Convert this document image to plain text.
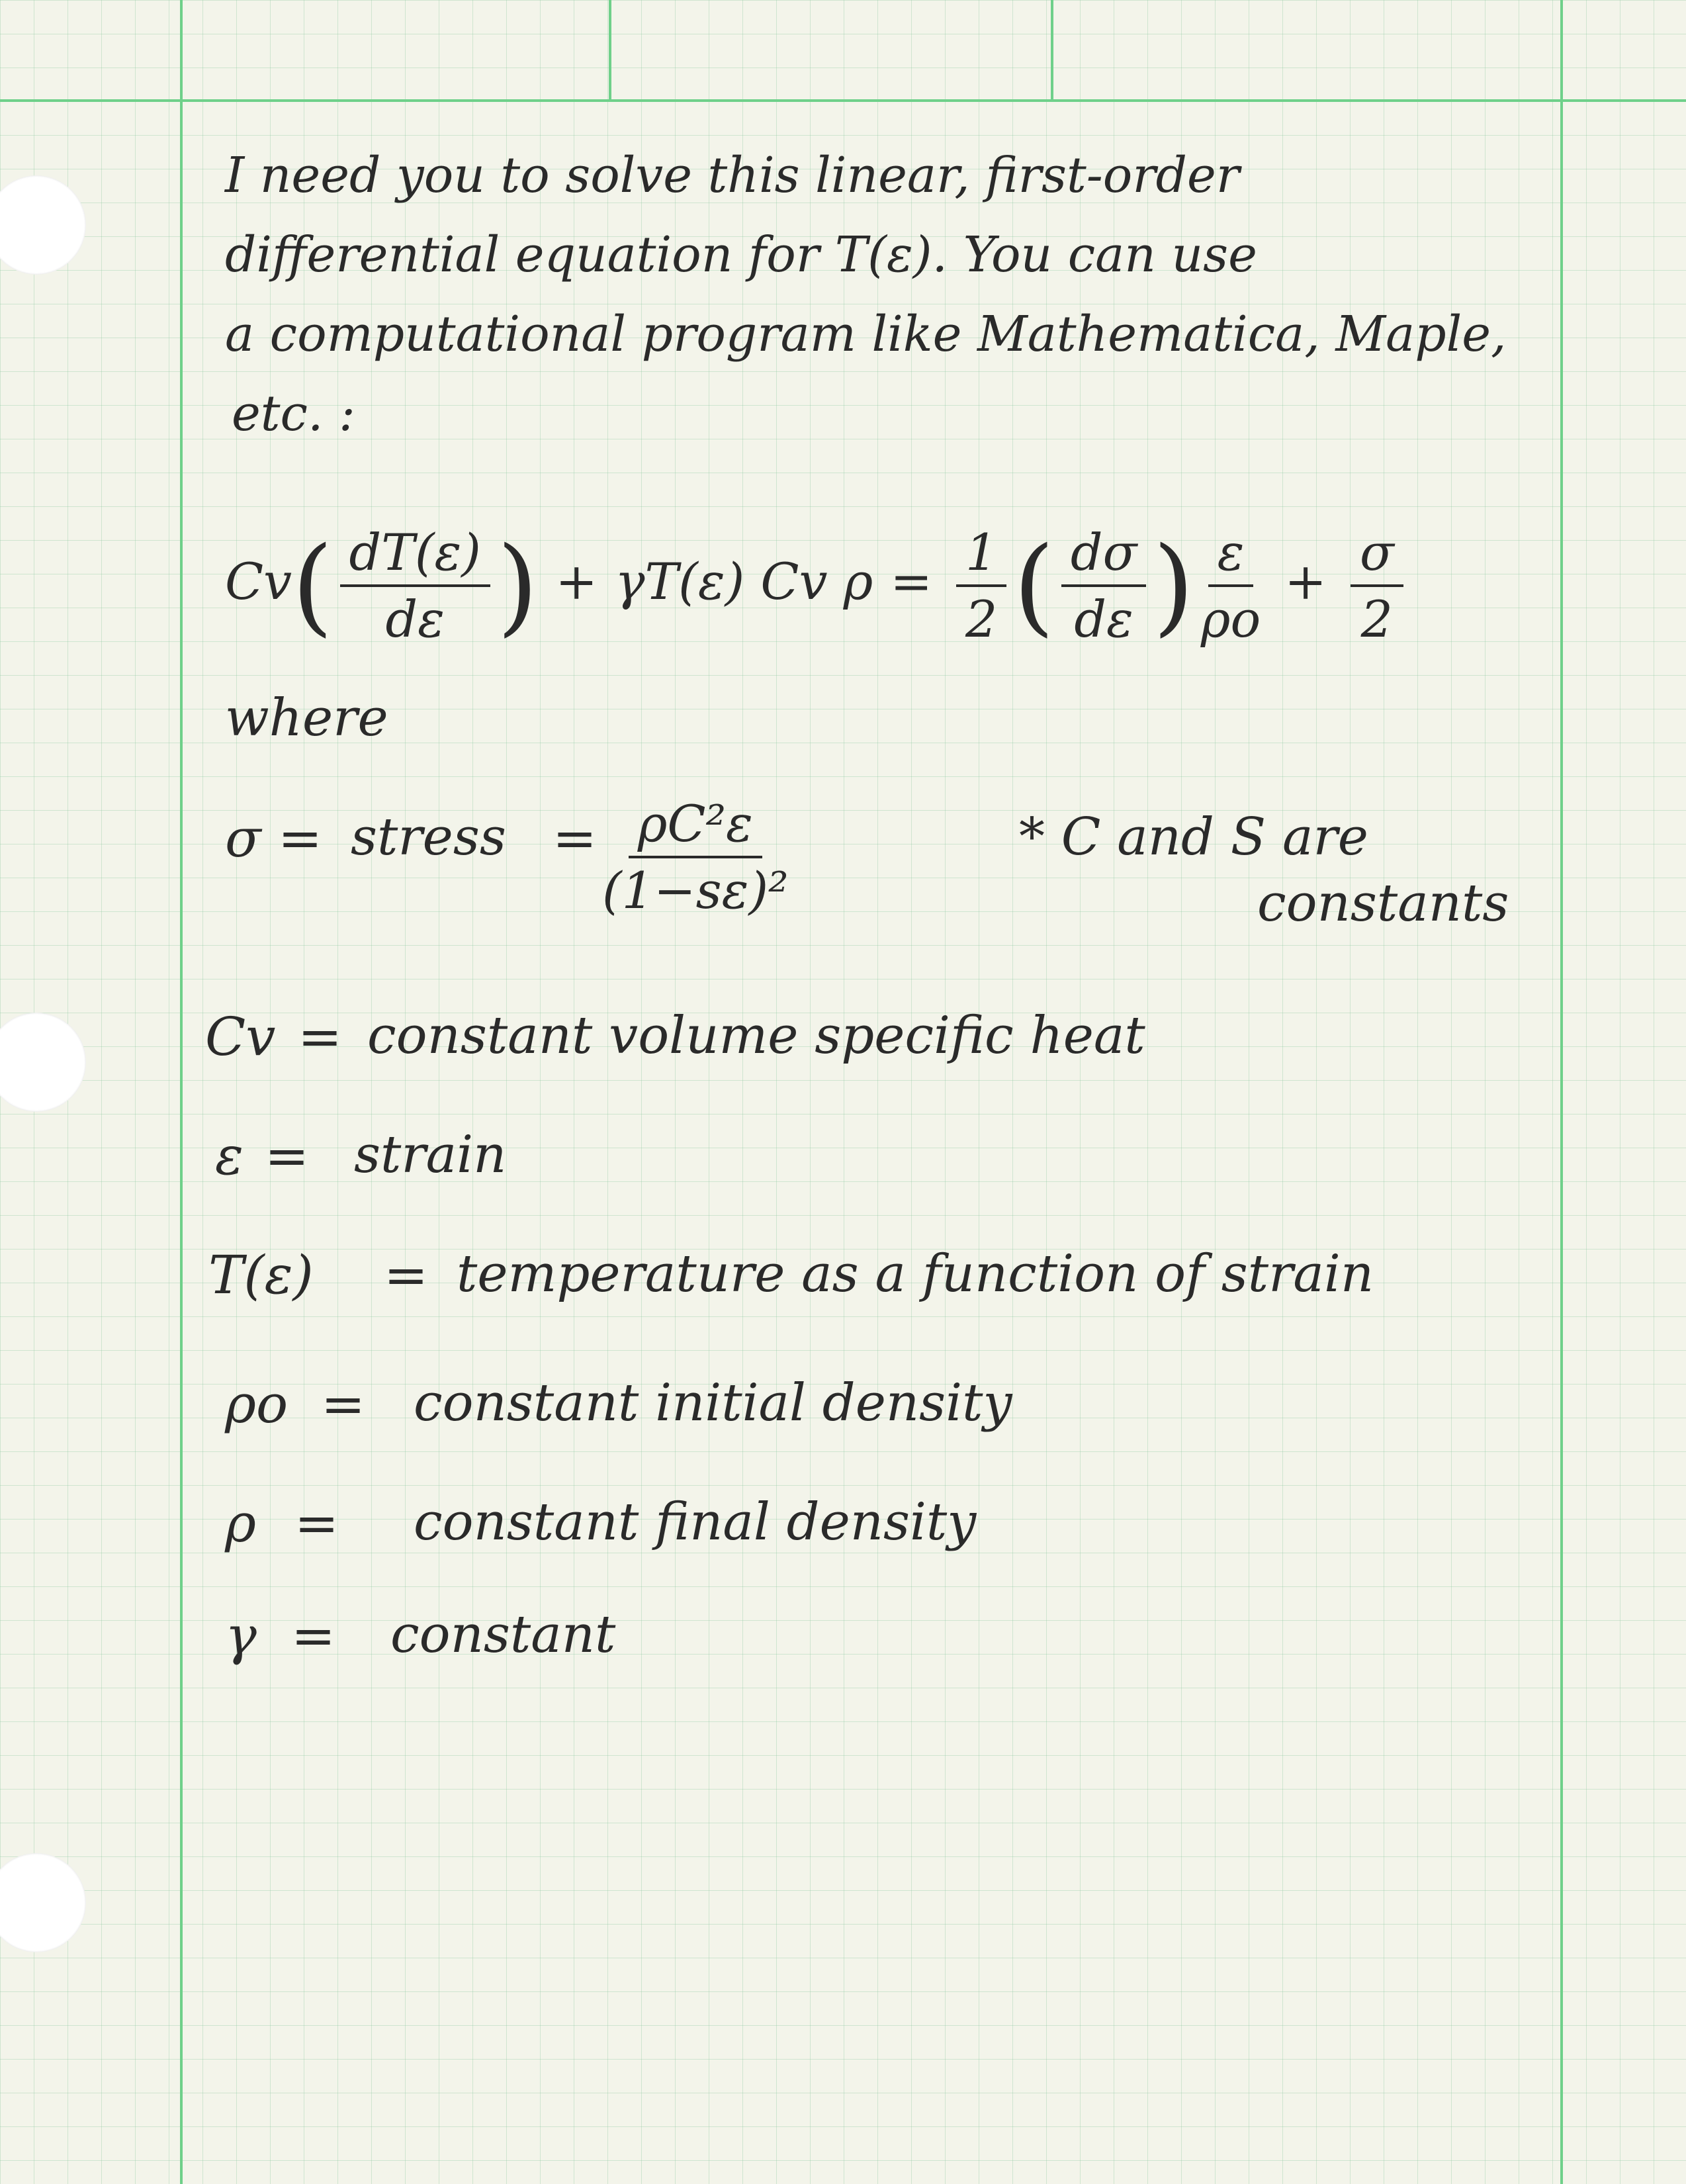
I need you to solve this linear, first-order
differential equation for T(ε). You can use
a computational program like Mathematica, Maple,
etc. :
$Cv( \frac{dT(\varepsilon)}{d\varepsilon}$ ) + γT(ε) Cv $\rho = \frac{1}{2}$ ( $\frac{d\sigma}{d\varepsilon}$ ) $\frac{\varepsilon}{\rho o} + \frac{\sigma}{2}$
where
σ = stress = $\frac{\text{ρC²ε}}{\text{(1−sε)²}}$	* C and S are
constants
Cv = constant volume specific heat
ε = strain
T(ε) = temperature as a function of strain
ρo = constant initial density
ρ = constant final density
γ = constant
